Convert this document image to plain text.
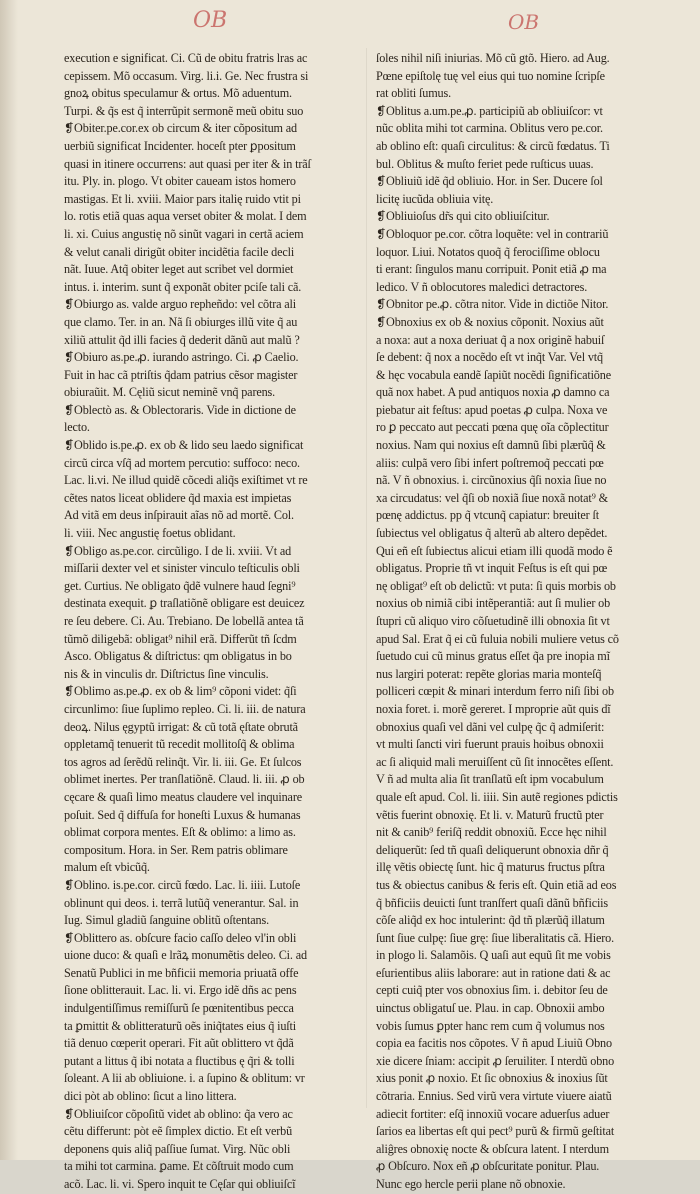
OB	OB
execution e significat. Ci. Cũ de obitu fratris lras ac
cepissem. Mõ occasum. Virg. li.i. Ge. Nec frustra si
gnoꝝ obitus speculamur & ortus. Mõ aduentum.
Turpi. & q̃s est q̃ interrũpit sermonẽ meũ obitu suo
❡Obiter.pe.cor.ex ob circum & iter cõpositum ad
uerbiũ significat Incidenter. hoceſt pter ꝑpositum
quasi in itinere occurrens: aut quasi per iter & in trãſ
itu. Ply. in. plogo. Vt obiter caueam istos homero
mastigas. Et li. xviii. Maior pars italię ruido vtit pi
lo. rotis etiã quas aqua verset obiter & molat. I dem
li. xi. Cuius angustię nõ sinũt vagari in certã aciem
& velut canali dirigũt obiter incidẽtia facile decli
nãt. Iuue. Atq̃ obiter leget aut scribet vel dormiet
intus. i. interim. sunt q̃ exponãt obiter pciſe tali cã.
❡Obiurgo as. valde arguo repheñdo: vel cõtra ali
que clamo. Ter. in an. Nã ſi obiurges illũ vite q̃ au
xiliũ attulit q̃d illi facies q̃ dederit dãnũ aut malũ ?
❡Obiuro as.pe.ꝓ. iurando astringo. Ci. ꝓ Caelio.
Fuit in hac cã ptriſtis q̃dam patrius cẽsor magister
obiuraũit. M. Cęliũ sicut neminẽ vnq̃ parens.
❡Oblectò as. & Oblectoraris. Vide in dictione de
lecto.
❡Oblido is.pe.ꝓ. ex ob & lido seu laedo significat
circũ circa vſq̃ ad mortem percutio: suffoco: neco.
Lac. li.vi. Ne illud quidẽ cõcedi aliq̃s exiſtimet vt re
cẽtes natos liceat oblidere q̃d maxia est impietas
Ad vitã em deus inſpirauit aĩas nõ ad mortẽ. Col.
li. viii. Nec angustię foetus oblidant.
❡Obligo as.pe.cor. circũligo. I de li. xviii. Vt ad
miſſarii dexter vel et sinister vinculo teſticulis obli
get. Curtius. Ne obligato q̃dẽ vulnere haud ſegni⁹
destinata exequit. ꝑ traſlatiõnẽ obligare est deuicez
re ſeu debere. Ci. Au. Trebiano. De lobellã antea tã
tũmõ diligebã: obligat⁹ nihil erã. Differũt tñ ſcdm
Asco. Obligatus & diſtrictus: qm obligatus in bo
nis & in vinculis dr. Diſtrictus ſine vinculis.
❡Oblimo as.pe.ꝓ. ex ob & lim⁹ cõponi videt: q̃ſi
circunlimo: ſiue ſuplimo repleo. Ci. li. iii. de natura
deoꝝ. Nilus ęgyptũ irrigat: & cũ totã ęſtate obrutã
oppletamq̃ tenuerit tũ recedit mollitoſq̃ & oblima
tos agros ad ſerẽdũ relinq̃t. Vir. li. iii. Ge. Et ſulcos
oblimet inertes. Per tranſlatiõnẽ. Claud. li. iii. ꝓ ob
cęcare & quaſi limo meatus claudere vel inquinare
poſuit. Sed q̃ diffuſa for honeſti Luxus & humanas
oblimat corpora mentes. Eſt & oblimo: a limo as.
compositum. Hora. in Ser. Rem patris oblimare
malum eſt vbicũq̃.
❡Oblino. is.pe.cor. circũ fœdo. Lac. li. iiii. Lutoſe
oblinunt qui deos. i. terrã lutũq̃ venerantur. Sal. in
Iug. Simul gladiũ ſanguine oblitũ oſtentans.
❡Oblittero as. obſcure facio caſſo deleo vl'in obli
uione duco: & quaſi e lrãꝝ monumẽtis deleo. Ci. ad
Senatũ Publici in me bñficii memoria priuatã offe
ſione oblitterauit. Lac. li. vi. Ergo idẽ dñs ac pens
indulgentiſſimus remiſſurũ ſe pœnitentibus pecca
ta ꝑmittit & oblitteraturũ oẽs iniq̃tates eius q̃ iuſti
tiã denuo cœperit operari. Fit aũt oblittero vt q̃dã
putant a littus q̃ ibi notata a fluctibus ę q̃ri & tolli
ſoleant. A lii ab obliuione. i. a ſupino & oblitum: vr
dici pòt ab oblino: ſicut a lino littera.
❡Obliuiſcor cõpoſitũ videt ab oblino: q̃a vero ac
cẽtu differunt: pòt eẽ ſimplex dictio. Et eſt verbũ
deponens quis aliq̃ paſſiue ſumat. Virg. Nũc obli
ta mihi tot carmina. ꝑame. Et cõſtruit modo cum
acõ. Lac. li. vi. Spero inquit te Cęſar qui obliuiſcĩ
ſoles nihil niſi iniurias. Mõ cũ gtõ. Hiero. ad Aug.
Pœne epiſtolę tuę vel eius qui tuo nomine ſcripſe
rat obliti ſumus.
❡Oblitus a.um.pe.ꝓ. participiũ ab obliuiſcor: vt
nũc oblita mihi tot carmina. Oblitus vero pe.cor.
ab oblino eſt: quaſi circulitus: & circũ fœdatus. Ti
bul. Oblitus & muſto feriet pede ruſticus uuas.
❡Obliuiũ idẽ q̃d obliuio. Hor. in Ser. Ducere ſol
licitę iucũda obliuia vitę.
❡Obliuioſus dr̃s qui cito obliuiſcitur.
❡Obloquor pe.cor. cõtra loquẽte: vel in contrariũ
loquor. Liui. Notatos quoq̃ q̃ ferociſſime oblocu
ti erant: ſingulos manu corripuit. Ponit etiã ꝓ ma
ledico. V ñ oblocutores maledici detractores.
❡Obnitor pe.ꝓ. cõtra nitor. Vide in dictiõe Nitor.
❡Obnoxius ex ob & noxius cõponit. Noxius aũt
a noxa: aut a noxa deriuat q̃ a nox originẽ habuiſ
ſe debent: q̃ nox a nocẽdo eſt vt inq̃t Var. Vel vtq̃
& hęc vocabula eandẽ ſapiũt nocẽdi ſignificatiõne
quã nox habet. A pud antiquos noxia ꝓ damno ca
piebatur ait feſtus: apud poetas ꝓ culpa. Noxa ve
ro ꝑ peccato aut peccati pœna quę oĩa cõplectitur
noxius. Nam qui noxius eſt damnũ ſibi plærũq̃ &
aliis: culpã vero ſibi infert poſtremoq̃ peccati pœ
nã. V ñ obnoxius. i. circũnoxius q̃ſi noxia ſiue no
xa circudatus: vel q̃ſi ob noxiã ſiue noxã notat⁹ &
pœnę addictus. pp q̃ vtcunq̃ capiatur: breuiter ſt
ſubiectus vel obligatus q̃ alterũ ab altero depẽdet.
Qui eñ eſt ſubiectus alicui etiam illi quodã modo ẽ
obligatus. Proprie tñ vt inquit Feſtus is eſt qui pœ
nę obligat⁹ eſt ob delictũ: vt puta: ſi quis morbis ob
noxius ob nimiã cibi intẽperantiã: aut ſi mulier ob
ſtupri cũ aliquo viro cõſuetudinẽ illi obnoxia ſit vt
apud Sal. Erat q̃ ei cũ fuluia nobili muliere vetus cõ
ſuetudo cui cũ minus gratus eſſet q̃a pre inopia mĩ
nus largiri poterat: repẽte glorias maria monteſq̃
polliceri cœpit & minari interdum ferro niſi ſibi ob
noxia foret. i. morẽ gereret. I mproprie aũt quis dĩ
obnoxius quaſi vel dãni vel culpę q̃c q̃ admiſerit:
vt multi ſancti viri fuerunt prauis hoibus obnoxii
ac ſi aliquid mali meruiſſent cũ ſit innocẽtes eſſent.
V ñ ad multa alia ſit tranſlatũ eſt ipm vocabulum
quale eſt apud. Col. li. iiii. Sin autẽ regiones pdictis
vẽtis fuerint obnoxię. Et li. v. Maturũ fructũ pter
nit & canib⁹ feriſq̃ reddit obnoxiũ. Ecce hęc nihil
deliquerũt: ſed tñ quaſi deliquerunt obnoxia dñr q̃
illę vẽtis obiectę ſunt. hic q̃ maturus fructus pſtra
tus & obiectus canibus & feris eſt. Quin etiã ad eos
q̃ bñficiis deuicti ſunt tranſfert quaſi dãnũ bñficiis
cõſe aliq̃d ex hoc intulerint: q̃d tñ plærũq̃ illatum
ſunt ſiue culpę: ſiue grę: ſiue liberalitatis cã. Hiero.
in plogo li. Salamõis. Q uaſi aut equũ ſit me vobis
eſurientibus aliis laborare: aut in ratione dati & ac
cepti cuiq̃ pter vos obnoxius ſim. i. debitor ſeu de
uinctus obligatuſ ue. Plau. in cap. Obnoxii ambo
vobis ſumus ꝑpter hanc rem cum q̃ volumus nos
copia ea facitis nos cõpotes. V ñ apud Liuiũ Obno
xie dicere ſniam: accipit ꝓ ſeruiliter. I nterdũ obno
xius ponit ꝓ noxio. Et ſic obnoxius & inoxius ſũt
cõtraria. Ennius. Sed virũ vera virtute viuere aiatũ
adiecit fortiter: eſq̃ innoxiũ vocare aduerſus aduer
ſarios ea libertas eſt qui pect⁹ purũ & firmũ geſtitat
aliĝres obnoxię nocte & obſcura latent. I nterdum
ꝓ Obſcuro. Nox eñ ꝓ obſcuritate ponitur. Plau.
Nunc ego hercle perii plane nõ obnoxie.
